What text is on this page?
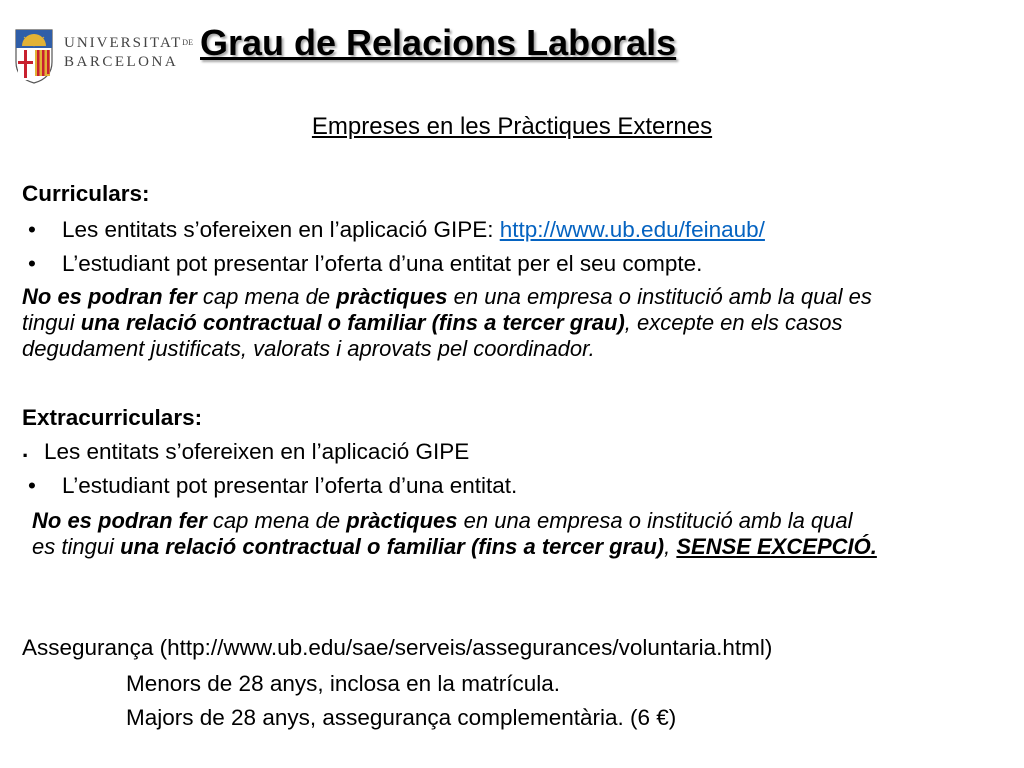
$UNIVERSITAT^{DE}$
BARCELONA Grau de Relacions Laborals
Empreses en les Pràctiques Externes
Curriculars:
• Les entitats s’ofereixen en l’aplicació GIPE: http://www.ub.edu/feinaub/
• L’estudiant pot presentar l’oferta d’una entitat per el seu compte.
No es podran fer cap mena de pràctiques en una empresa o institució amb la qual es
tingui una relació contractual o familiar (fins a tercer grau), excepte en els casos
degudament justificats, valorats i aprovats pel coordinador.
Extracurriculars:
. Les entitats s’ofereixen en l’aplicació GIPE
• L’estudiant pot presentar l’oferta d’una entitat.
No es podran fer cap mena de pràctiques en una empresa o institució amb la qual
es tingui una relació contractual o familiar (fins a tercer grau), SENSE EXCEPCIÓ.
Assegurança (http://www.ub.edu/sae/serveis/assegurances/voluntaria.html)
Menors de 28 anys, inclosa en la matrícula.
Majors de 28 anys, assegurança complementària. (6 €)
